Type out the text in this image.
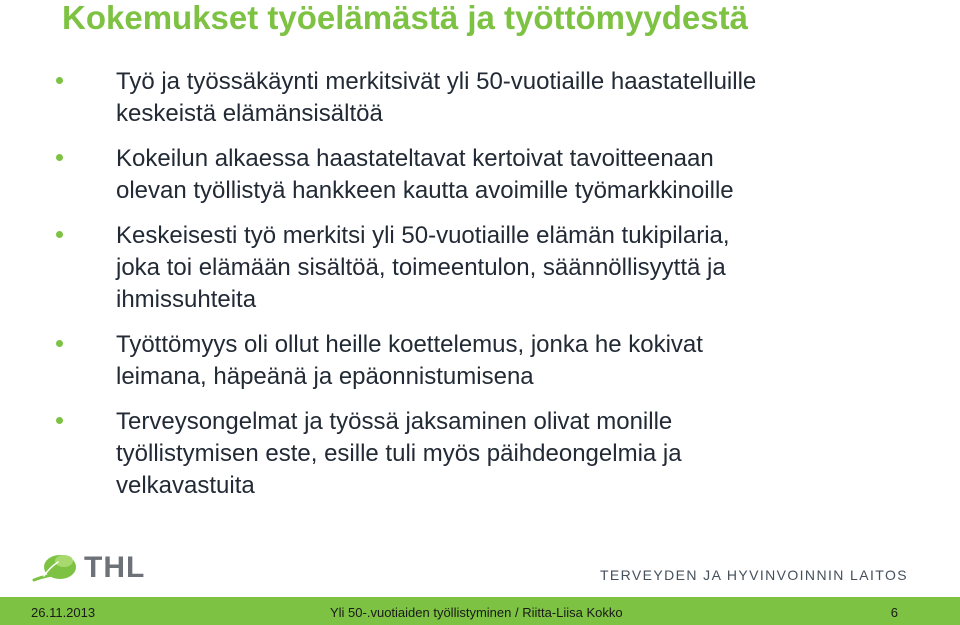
Kokemukset työelämästä ja työttömyydestä
Työ ja työssäkäynti merkitsivät yli 50-vuotiaille haastatelluille
keskeistä elämänsisältöä
Kokeilun alkaessa haastateltavat kertoivat tavoitteenaan
olevan työllistyä hankkeen kautta avoimille työmarkkinoille
Keskeisesti työ merkitsi yli 50-vuotiaille elämän tukipilaria,
joka toi elämään sisältöä, toimeentulon, säännöllisyyttä ja
ihmissuhteita
Työttömyys oli ollut heille koettelemus, jonka he kokivat
leimana, häpeänä ja epäonnistumisena
Terveysongelmat ja työssä jaksaminen olivat monille
työllistymisen este, esille tuli myös päihdeongelmia ja
velkavastuita
THL	TERVEYDEN JA HYVINVOINNIN LAITOS
26.11.2013	Yli 50-.vuotiaiden työllistyminen / Riitta-Liisa Kokko	6
